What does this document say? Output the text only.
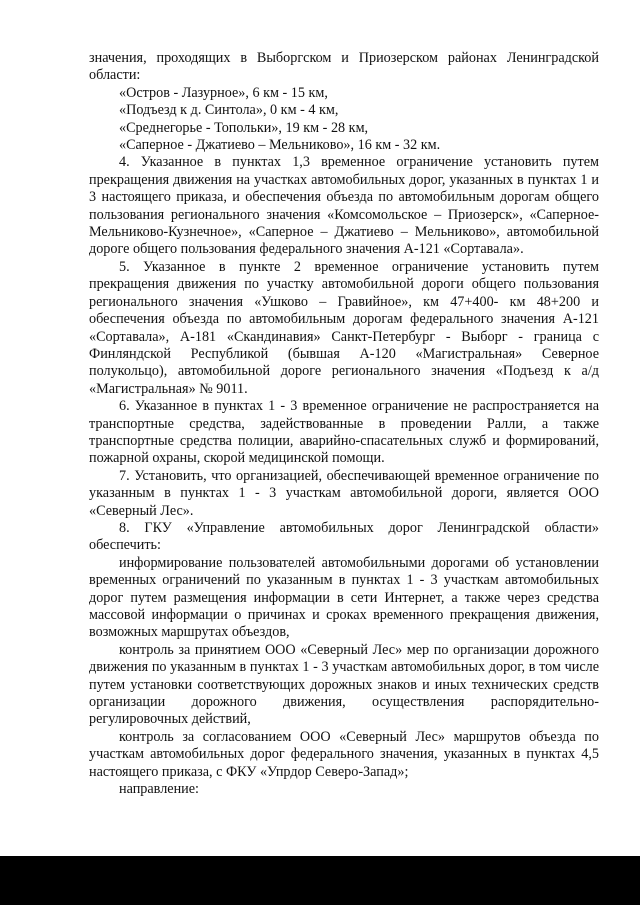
значения, проходящих в Выборгском и Приозерском районах Ленинградской области:

«Остров - Лазурное», 6 км - 15 км,

«Подъезд к д. Синтола», 0 км - 4 км,

«Среднегорье - Топольки», 19 км - 28 км,

«Саперное - Джатиево – Мельниково», 16 км - 32 км.

4. Указанное в пунктах 1,3 временное ограничение установить путем прекращения движения на участках автомобильных дорог, указанных в пунктах 1 и 3 настоящего приказа, и обеспечения объезда по автомобильным дорогам общего пользования регионального значения «Комсомольское – Приозерск», «Саперное-Мельниково-Кузнечное», «Саперное – Джатиево – Мельниково», автомобильной дороге общего пользования федерального значения А-121 «Сортавала».

5. Указанное в пункте 2 временное ограничение установить путем прекращения движения по участку автомобильной дороги общего пользования регионального значения «Ушково – Гравийное», км 47+400- км 48+200 и обеспечения объезда по автомобильным дорогам федерального значения А-121 «Сортавала», А-181 «Скандинавия» Санкт-Петербург - Выборг - граница с Финляндской Республикой (бывшая А-120 «Магистральная» Северное полукольцо), автомобильной дороге регионального значения «Подъезд к а/д «Магистральная» № 9011.

6. Указанное в пунктах 1 - 3 временное ограничение не распространяется на транспортные средства, задействованные в проведении Ралли, а также транспортные средства полиции, аварийно-спасательных служб и формирований, пожарной охраны, скорой медицинской помощи.

7. Установить, что организацией, обеспечивающей временное ограничение по указанным в пунктах 1 - 3 участкам автомобильной дороги, является ООО «Северный Лес».

8. ГКУ «Управление автомобильных дорог Ленинградской области» обеспечить:

информирование пользователей автомобильными дорогами об установлении временных ограничений по указанным в пунктах 1 - 3 участкам автомобильных дорог путем размещения информации в сети Интернет, а также через средства массовой информации о причинах и сроках временного прекращения движения, возможных маршрутах объездов,

контроль за принятием ООО «Северный Лес» мер по организации дорожного движения по указанным в пунктах 1 - 3 участкам автомобильных дорог, в том числе путем установки соответствующих дорожных знаков и иных технических средств организации дорожного движения, осуществления распорядительно-регулировочных действий,

контроль за согласованием ООО «Северный Лес» маршрутов объезда по участкам автомобильных дорог федерального значения, указанных в пунктах 4,5 настоящего приказа, с ФКУ «Упрдор Северо-Запад»;

направление:
